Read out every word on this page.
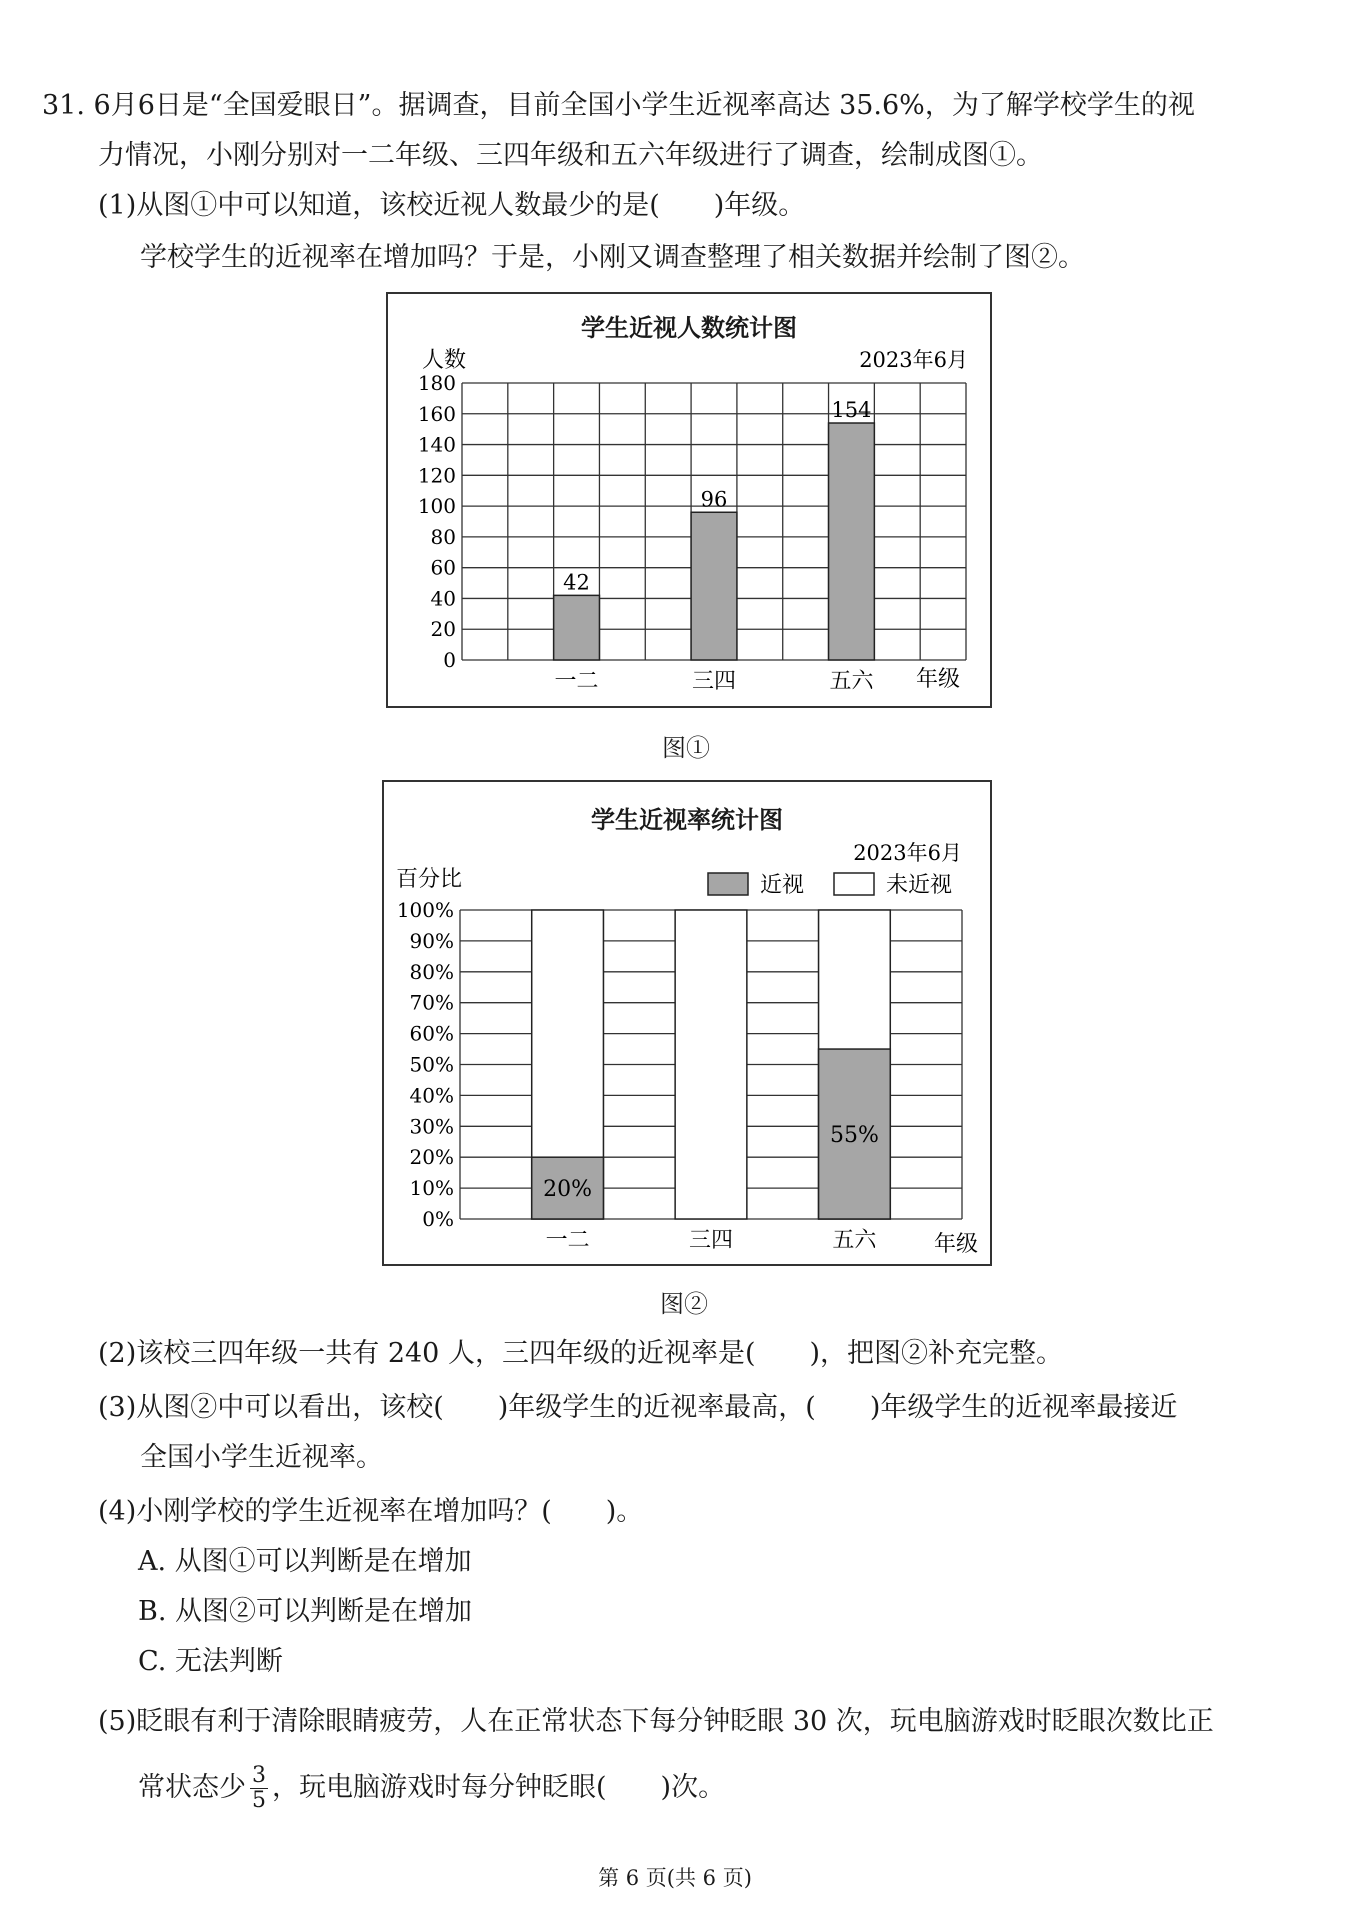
31. 6月6日是“全国爱眼日”。据调查，目前全国小学生近视率高达 35.6%，为了解学校学生的视
力情况，小刚分别对一二年级、三四年级和五六年级进行了调查，绘制成图①。
(1)从图①中可以知道，该校近视人数最少的是(　　)年级。
学校学生的近视率在增加吗？于是，小刚又调查整理了相关数据并绘制了图②。
学生近视人数统计图
人数	2023年6月
年级
0
20
40
60
80
100
120
140
160
180
42
一二
96
三四
154
五六
图①
学生近视率统计图
2023年6月
百分比	近视	未近视
年级
0%
10%
20%
30%
40%
50%
60%
70%
80%
90%
100%
20%
一二	三四
55%
五六
图②
(2)该校三四年级一共有 240 人，三四年级的近视率是(　　)，把图②补充完整。
(3)从图②中可以看出，该校(　　)年级学生的近视率最高，(　　)年级学生的近视率最接近
全国小学生近视率。
(4)小刚学校的学生近视率在增加吗？(　　)。
A. 从图①可以判断是在增加
B. 从图②可以判断是在增加
C. 无法判断
(5)眨眼有利于清除眼睛疲劳，人在正常状态下每分钟眨眼 30 次，玩电脑游戏时眨眼次数比正
常状态少 $\frac{3}{5}$ ，玩电脑游戏时每分钟眨眼(　　)次。
第 6 页(共 6 页)
